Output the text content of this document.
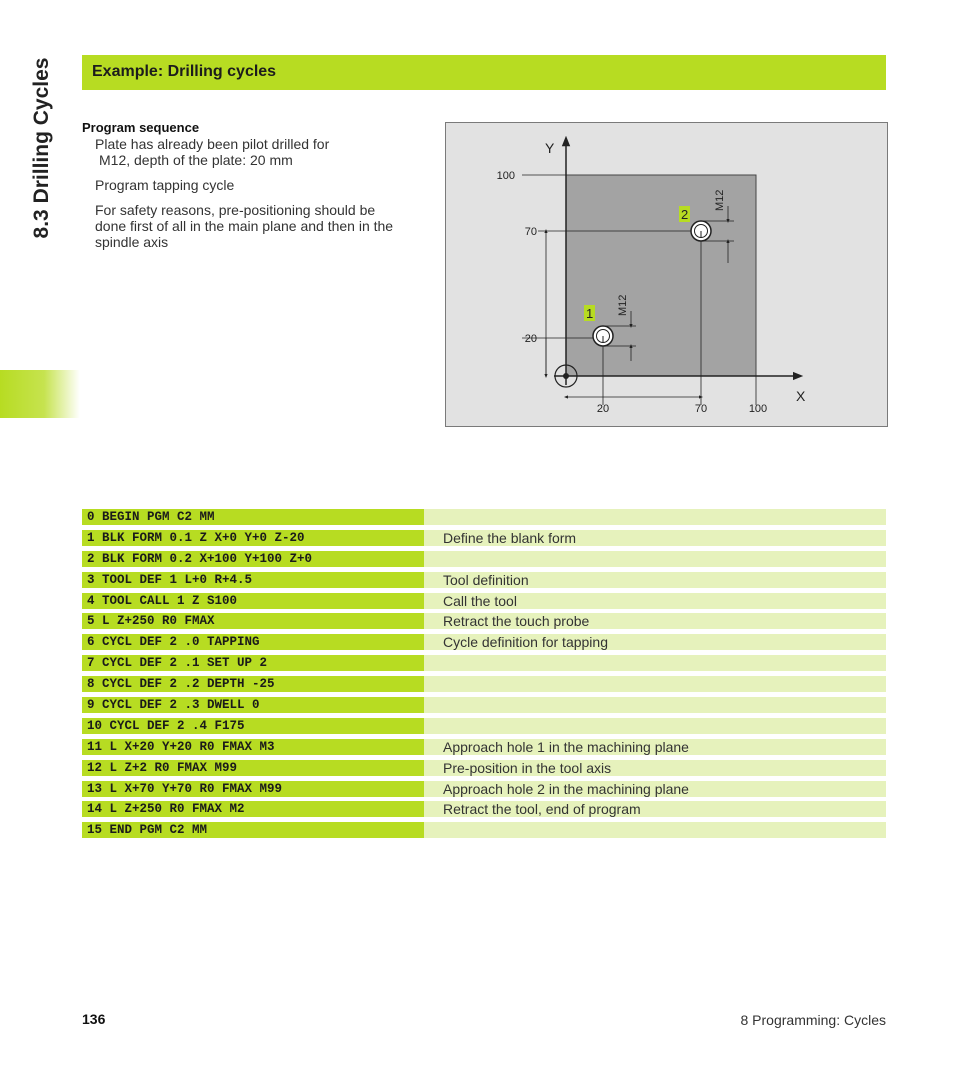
8.3 Drilling Cycles Example: Drilling cycles
Program sequence
Plate has already been pilot drilled for
M12, depth of the plate: 20 mm
Program tapping cycle
For safety reasons, pre-positioning should be
done first of all in the main plane and then in the
spindle axis
Y
X
100
70
20
20	70	100
M12
1
M12
2
0 BEGIN PGM C2 MM
1 BLK FORM 0.1 Z X+0 Y+0 Z-20	Define the blank form
2 BLK FORM 0.2 X+100 Y+100 Z+0
3 TOOL DEF 1 L+0 R+4.5	Tool definition
4 TOOL CALL 1 Z S100	Call the tool
5 L Z+250 R0 FMAX	Retract the touch probe
6 CYCL DEF 2 .0 TAPPING	Cycle definition for tapping
7 CYCL DEF 2 .1 SET UP 2
8 CYCL DEF 2 .2 DEPTH -25
9 CYCL DEF 2 .3 DWELL 0
10 CYCL DEF 2 .4 F175
11 L X+20 Y+20 R0 FMAX M3	Approach hole 1 in the machining plane
12 L Z+2 R0 FMAX M99	Pre-position in the tool axis
13 L X+70 Y+70 R0 FMAX M99	Approach hole 2 in the machining plane
14 L Z+250 R0 FMAX M2	Retract the tool, end of program
15 END PGM C2 MM
136	8 Programming: Cycles
